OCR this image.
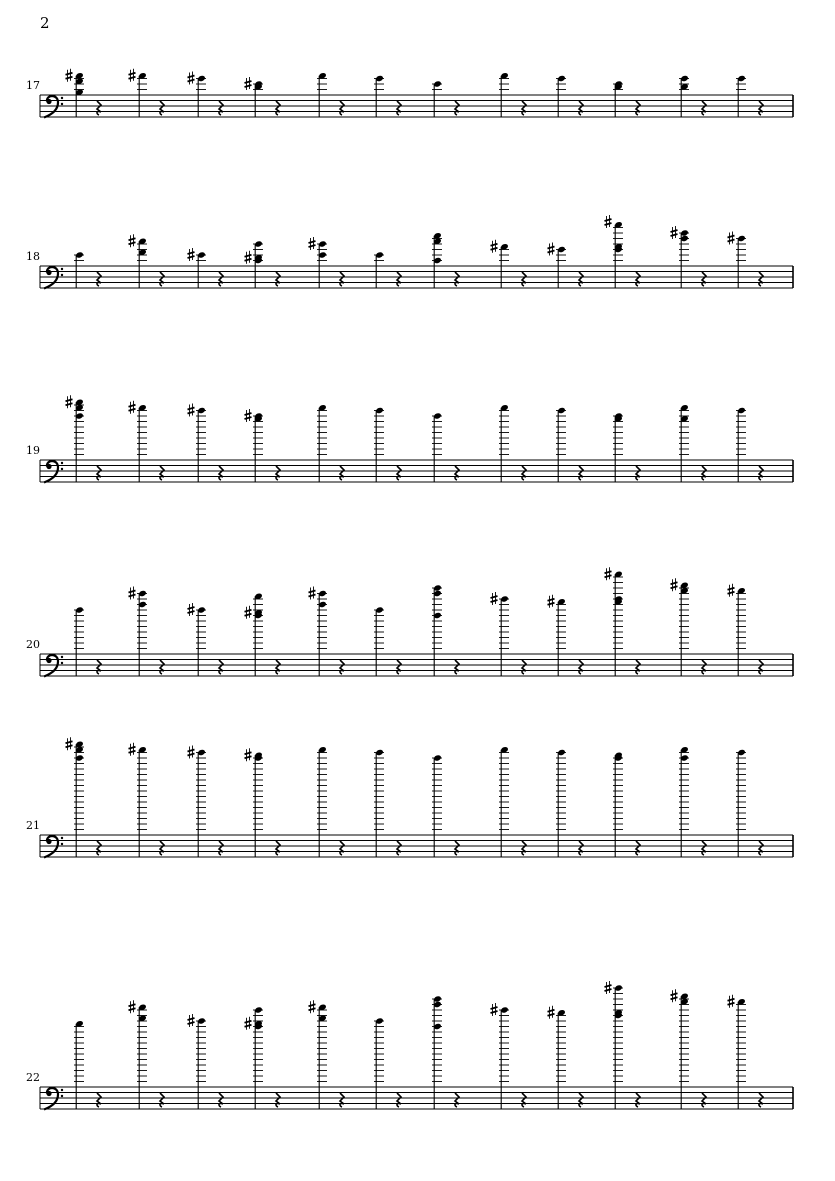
2
17
18
19
20
21
22
